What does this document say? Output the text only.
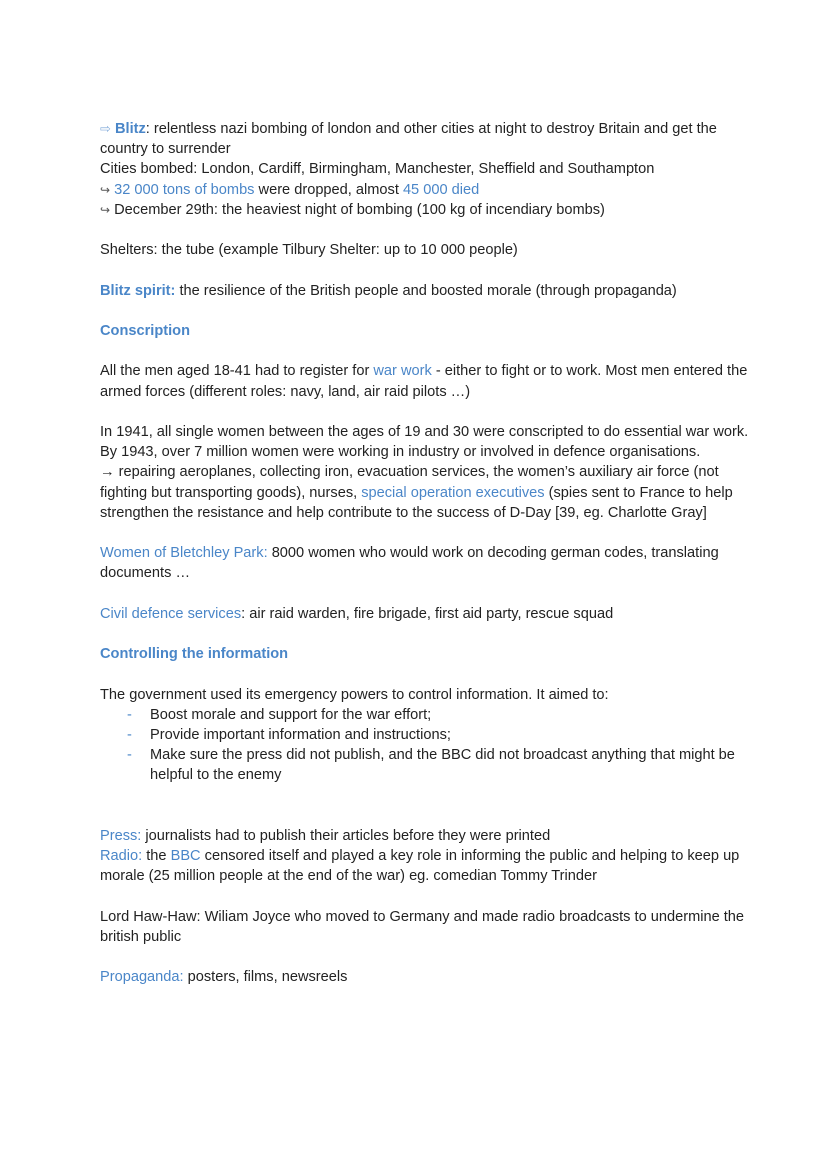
⇨ Blitz: relentless nazi bombing of london and other cities at night to destroy Britain and get the country to surrender

Cities bombed: London, Cardiff, Birmingham, Manchester, Sheffield and Southampton

↪ 32 000 tons of bombs were dropped, almost 45 000 died

↪ December 29th: the heaviest night of bombing (100 kg of incendiary bombs)

Shelters: the tube (example Tilbury Shelter: up to 10 000 people)

Blitz spirit: the resilience of the British people and boosted morale (through propaganda)

Conscription

All the men aged 18-41 had to register for war work - either to fight or to work. Most men entered the armed forces (different roles: navy, land, air raid pilots …)

In 1941, all single women between the ages of 19 and 30 were conscripted to do essential war work. By 1943, over 7 million women were working in industry or involved in defence organisations.

→ repairing aeroplanes, collecting iron, evacuation services, the women’s auxiliary air force (not fighting but transporting goods), nurses, special operation executives (spies sent to France to help strengthen the resistance and help contribute to the success of D-Day [39, eg. Charlotte Gray]

Women of Bletchley Park: 8000 women who would work on decoding german codes, translating documents …

Civil defence services: air raid warden, fire brigade, first aid party, rescue squad

Controlling the information

The government used its emergency powers to control information. It aimed to:

- Boost morale and support for the war effort;
- Provide important information and instructions;
- Make sure the press did not publish, and the BBC did not broadcast anything that might be helpful to the enemy

Press: journalists had to publish their articles before they were printed

Radio: the BBC censored itself and played a key role in informing the public and helping to keep up morale (25 million people at the end of the war) eg. comedian Tommy Trinder

Lord Haw-Haw: Wiliam Joyce who moved to Germany and made radio broadcasts to undermine the british public

Propaganda: posters, films, newsreels
